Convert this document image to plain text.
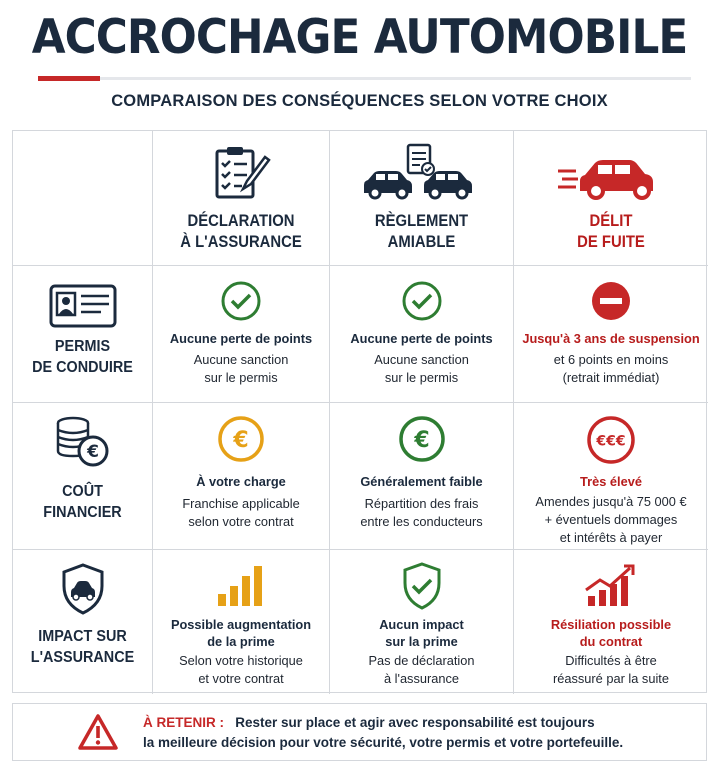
ACCROCHAGE AUTOMOBILE
COMPARAISON DES CONSÉQUENCES SELON VOTRE CHOIX
DÉCLARATION
À L'ASSURANCE
RÈGLEMENT
AMIABLE
DÉLIT
DE FUITE
PERMIS
DE CONDUIRE
Aucune perte de points
Aucune sanction
sur le permis
Aucune perte de points
Aucune sanction
sur le permis
Jusqu'à 3 ans de suspension
et 6 points en moins
(retrait immédiat)
€
COÛT
FINANCIER
€
À votre charge
Franchise applicable
selon votre contrat
€
Généralement faible
Répartition des frais
entre les conducteurs
€€€
Très élevé
Amendes jusqu'à 75 000 €
+ éventuels dommages
et intérêts à payer
IMPACT SUR
L'ASSURANCE
Possible augmentation
de la prime
Selon votre historique
et votre contrat
Aucun impact
sur la prime
Pas de déclaration
à l'assurance
Résiliation possible
du contrat
Difficultés à être
réassuré par la suite
À RETENIR : Rester sur place et agir avec responsabilité est toujours
la meilleure décision pour votre sécurité, votre permis et votre portefeuille.
